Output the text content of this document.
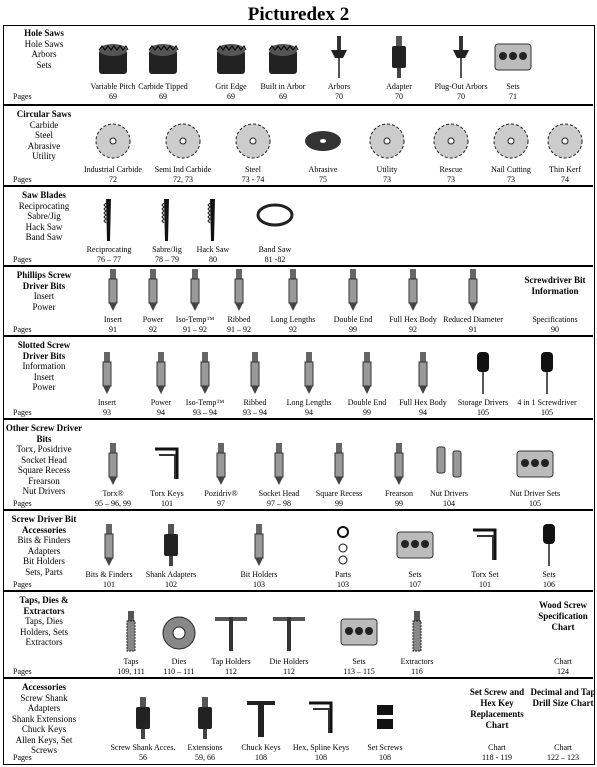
Picturedex 2
Hole Saws
Hole Saws
Arbors
Sets
Pages
Variable Pitch
69
Carbide Tipped
69
Grit Edge
69
Built in Arbor
69
Arbors
70
Adapter
70
Plug-Out Arbors
70
Sets
71
Circular Saws
Carbide
Steel
Abrasive
Utility
Pages
Industrial Carbide
72
Semi Ind Carbide
72, 73
Steel
73 - 74
Abrasive
75
Utility
73
Rescue
73
Nail Cutting
73
Thin Kerf
74
Saw Blades
Reciprocating
Sabre/Jig
Hack Saw
Band Saw
Pages
Reciprocating
76 – 77
Sabre/Jig
78 – 79
Hack Saw
80
Band Saw
81 -82
Phillips Screw Driver Bits
Insert
Power
Pages
Insert
91
Power
92
Iso-Temp™
91 – 92
Ribbed
91 – 92
Long Lengths
92
Double End
99
Full Hex Body
92
Reduced Diameter
91
Screwdriver Bit Information
Specifications
90
Slotted Screw Driver Bits
Information
Insert
Power
Pages
Insert
93
Power
94
Iso-Temp™
93 – 94
Ribbed
93 – 94
Long Lengths
94
Double End
99
Full Hex Body
94
Storage Drivers
105
4 in 1 Screwdriver
105
Other Screw Driver Bits
Torx, Posidrive
Socket Head
Square Recess
Frearson
Nut Drivers
Pages
Torx®
95 – 96, 99
Torx Keys
101
Pozidriv®
97
Socket Head
97 – 98
Square Recess
99
Frearson
99
Nut Drivers
104
Nut Driver Sets
105
Screw Driver Bit Accessories
Bits & Finders
Adapters
Bit Holders
Sets, Parts
Pages
Bits & Finders
101
Shank Adapters
102
Bit Holders
103
Parts
103
Sets
107
Torx Set
101
Sets
106
Taps, Dies & Extractors
Taps, Dies
Holders, Sets
Extractors
Pages
Taps
109, 111
Dies
110 – 111
Tap Holders
112
Die Holders
112
Sets
113 – 115
Extractors
116
Wood Screw Specification Chart
Chart
124
Accessories
Screw Shank Adapters
Shank Extensions
Chuck Keys
Allen Keys, Set Screws
Pages
Screw Shank Acces.
56
Extensions
59, 66
Chuck Keys
108
Hex, Spline Keys
108
Set Screws
108
Set Screw and Hex Key Replacements Chart
Chart
118 - 119
Decimal and Tap Drill Size Chart
Chart
122 – 123
